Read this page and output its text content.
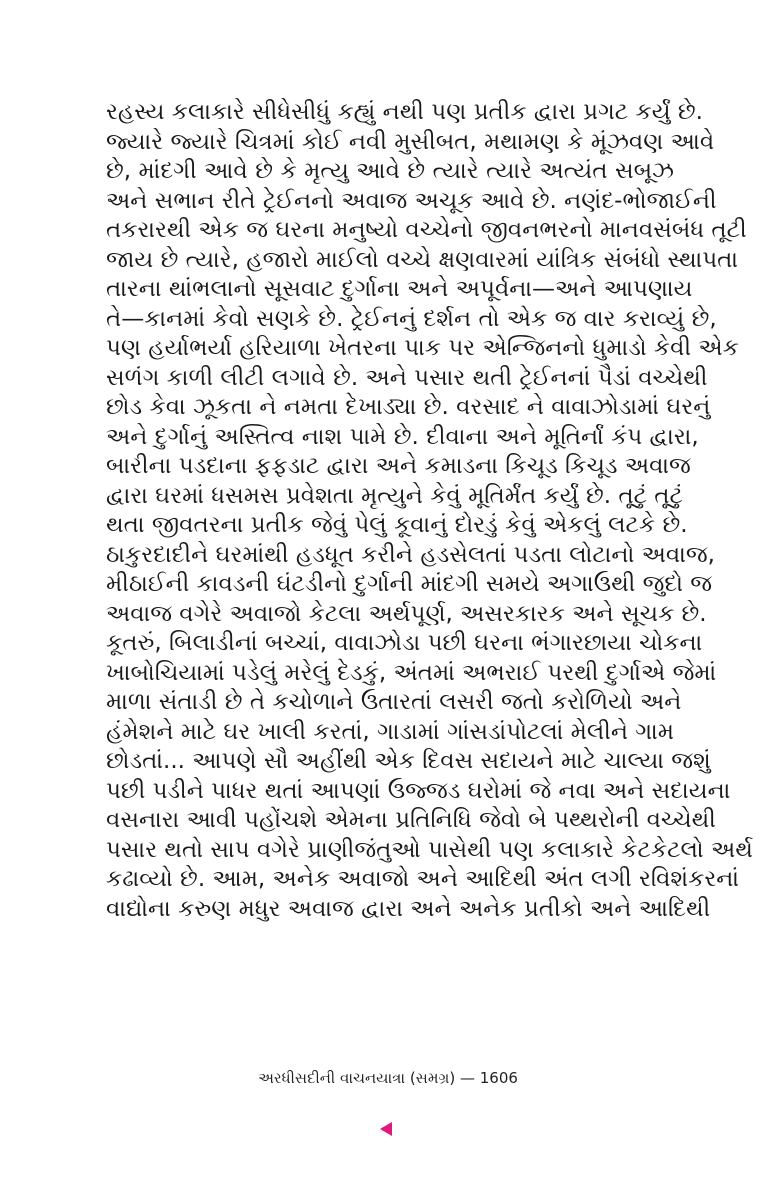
રહસ્ય કલાકારે સીધેસીધું કહ્યું નથી પણ પ્રતીક દ્વારા પ્રગટ કર્યું છે.
જ્યારે જ્યારે ચિત્રમાં કોઈ નવી મુસીબત, મથામણ કે મૂંઝવણ આવે
છે, માંદગી આવે છે કે મૃત્યુ આવે છે ત્યારે ત્યારે અત્યંત સબૂઝ
અને સભાન રીતે ટ્રેઈનનો અવાજ અચૂક આવે છે. નણંદ-ભોજાઈની
તકરારથી એક જ ઘરના મનુષ્યો વચ્ચેનો જીવનભરનો માનવસંબંધ તૂટી
જાય છે ત્યારે, હજારો માઈલો વચ્ચે ક્ષણવારમાં યાંત્રિક સંબંધો સ્થાપતા
તારના થાંભલાનો સૂસવાટ દુર્ગાના અને અપૂર્વના—અને આપણાય
તે—કાનમાં કેવો સણકે છે. ટ્રેઈનનું દર્શન તો એક જ વાર કરાવ્યું છે,
પણ હર્યાભર્યા હરિયાળા ખેતરના પાક પર એન્જિનનો ધુમાડો કેવી એક
સળંગ કાળી લીટી લગાવે છે. અને પસાર થતી ટ્રેઈનનાં પૈડાં વચ્ચેથી
છોડ કેવા ઝૂકતા ને નમતા દેખાડ્યા છે. વરસાદ ને વાવાઝોડામાં ઘરનું
અને દુર્ગાનું અસ્તિત્વ નાશ પામે છે. દીવાના અને મૂતિર્નાં કંપ દ્વારા,
બારીના પડદાના ફફડાટ દ્વારા અને કમાડના કિચૂડ કિચૂડ અવાજ
દ્વારા ઘરમાં ધસમસ પ્રવેશતા મૃત્યુને કેવું મૂતિર્મંત કર્યું છે. તૂટું તૂટું
થતા જીવતરના પ્રતીક જેવું પેલું કૂવાનું દોરડું કેવું એકલું લટકે છે.
ઠાકુરદાદીને ઘરમાંથી હડધૂત કરીને હડસેલતાં પડતા લોટાનો અવાજ,
મીઠાઈની કાવડની ઘંટડીનો દુર્ગાની માંદગી સમયે અગાઉથી જુદો જ
અવાજ વગેરે અવાજો કેટલા અર્થપૂર્ણ, અસરકારક અને સૂચક છે.
કૂતરું, બિલાડીનાં બચ્ચાં, વાવાઝોડા પછી ઘરના ભંગારછાયા ચોકના
ખાબોચિયામાં પડેલું મરેલું દેડકું, અંતમાં અભરાઈ પરથી દુર્ગાએ જેમાં
માળા સંતાડી છે તે કચોળાને ઉતારતાં લસરી જતો કરોળિયો અને
હંમેશને માટે ઘર ખાલી કરતાં, ગાડામાં ગાંસડાંપોટલાં મેલીને ગામ
છોડતાં... આપણે સૌ અહીંથી એક દિવસ સદાયને માટે ચાલ્યા જશું
પછી પડીને પાધર થતાં આપણાં ઉજ્જડ ઘરોમાં જે નવા અને સદાયના
વસનારા આવી પહોંચશે એમના પ્રતિનિધિ જેવો બે પથ્થરોની વચ્ચેથી
પસાર થતો સાપ વગેરે પ્રાણીજંતુઓ પાસેથી પણ કલાકારે કેટકેટલો અર્થ
કઢાવ્યો છે. આમ, અનેક અવાજો અને આદિથી અંત લગી રવિશંકરનાં
વાદ્યોના કરુણ મધુર અવાજ દ્વારા અને અનેક પ્રતીકો અને આદિથી
અરધીસદીની વાચનયાત્રા (સમગ્ર) — 1606
